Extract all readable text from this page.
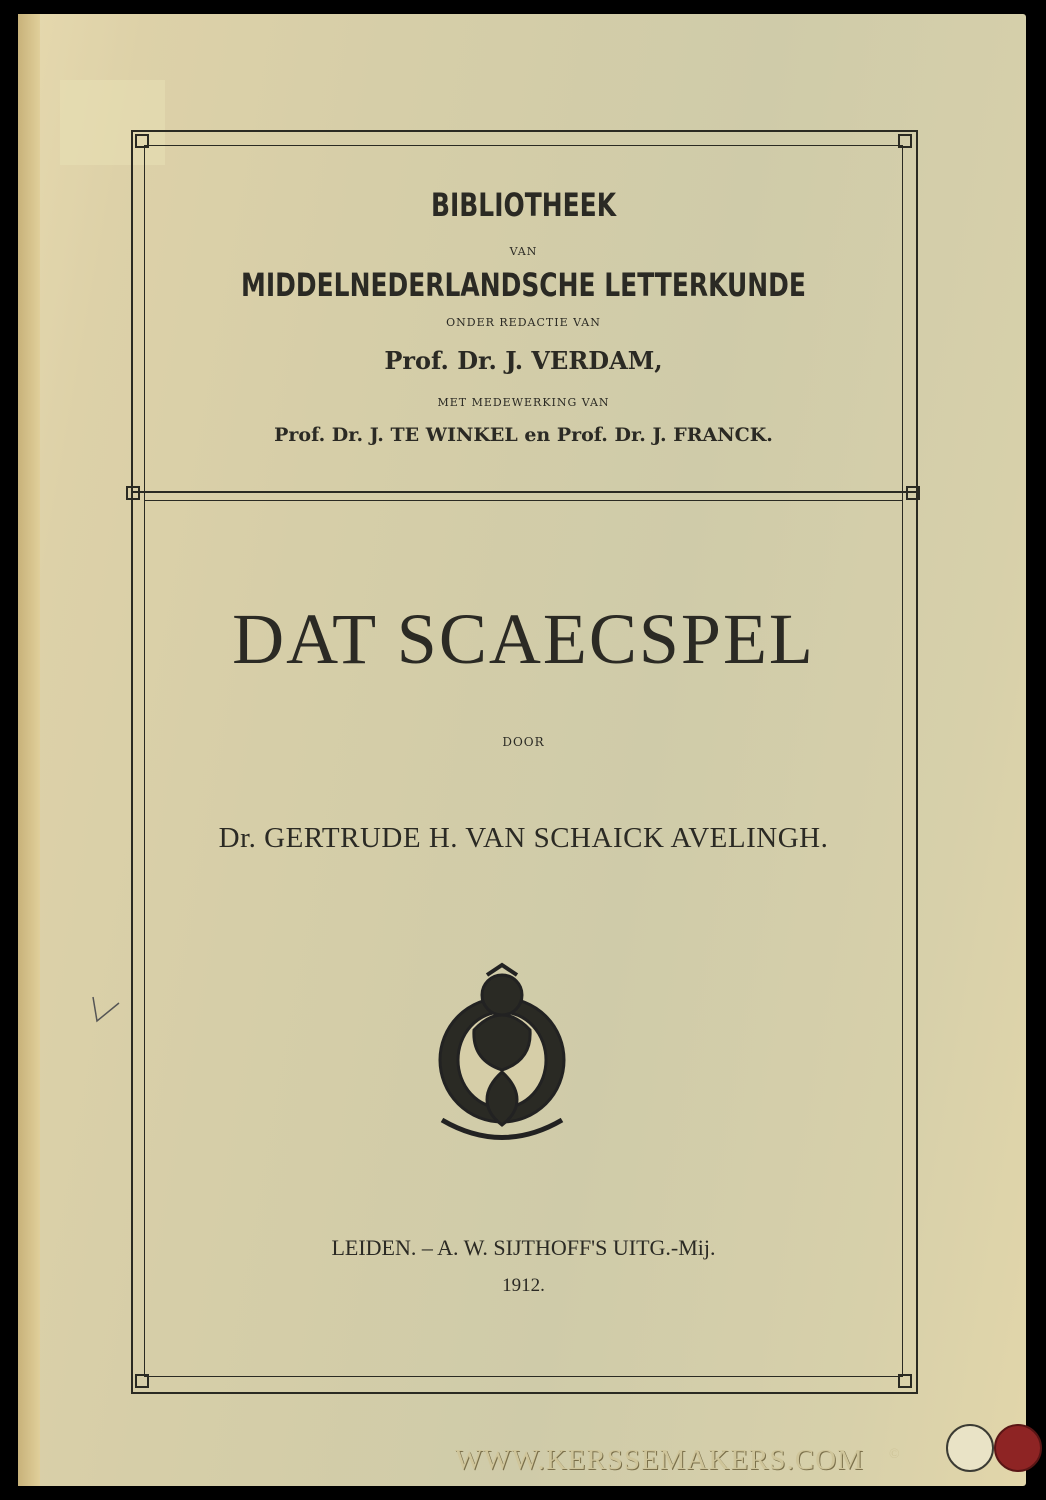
BIBLIOTHEEK
VAN
MIDDELNEDERLANDSCHE LETTERKUNDE
ONDER REDACTIE VAN
Prof. Dr. J. VERDAM,
MET MEDEWERKING VAN
Prof. Dr. J. TE WINKEL en Prof. Dr. J. FRANCK.
DAT SCAECSPEL
DOOR
Dr. GERTRUDE H. VAN SCHAICK AVELINGH.
LEIDEN. – A. W. SIJTHOFF'S UITG.-Mij.
1912.
WWW.KERSSEMAKERS.COM ©
